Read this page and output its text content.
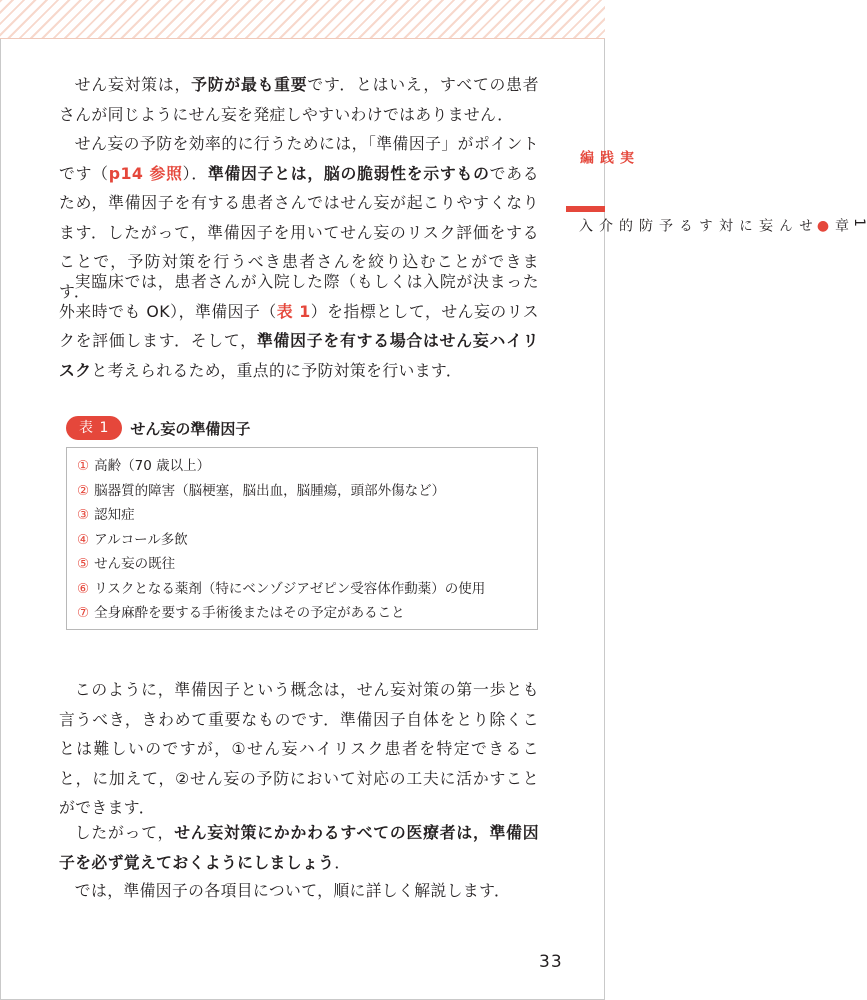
せん妄対策は，予防が最も重要です．とはいえ，すべての患者さんが同じようにせん妄を発症しやすいわけではありません．

せん妄の予防を効率的に行うためには，「準備因子」がポイントです（p14 参照）．準備因子とは，脳の脆弱性を示すものであるため，準備因子を有する患者さんではせん妄が起こりやすくなります．したがって，準備因子を用いてせん妄のリスク評価をすることで，予防対策を行うべき患者さんを絞り込むことができます．

実臨床では，患者さんが入院した際（もしくは入院が決まった外来時でも OK），準備因子（表 1）を指標として，せん妄のリスクを評価します．そして，準備因子を有する場合はせん妄ハイリスクと考えられるため，重点的に予防対策を行います．

実践編
1章●せん妄に対する予防的介入
表 1	せん妄の準備因子
① 高齢（70 歳以上）
② 脳器質的障害（脳梗塞，脳出血，脳腫瘍，頭部外傷など）
③ 認知症
④ アルコール多飲
⑤ せん妄の既往
⑥ リスクとなる薬剤（特にベンゾジアゼピン受容体作動薬）の使用
⑦ 全身麻酔を要する手術後またはその予定があること

このように，準備因子という概念は，せん妄対策の第一歩とも言うべき，きわめて重要なものです．準備因子自体をとり除くことは難しいのですが，①せん妄ハイリスク患者を特定できること，に加えて，②せん妄の予防において対応の工夫に活かすことができます．

したがって，せん妄対策にかかわるすべての医療者は，準備因子を必ず覚えておくようにしましょう．

では，準備因子の各項目について，順に詳しく解説します．

33
